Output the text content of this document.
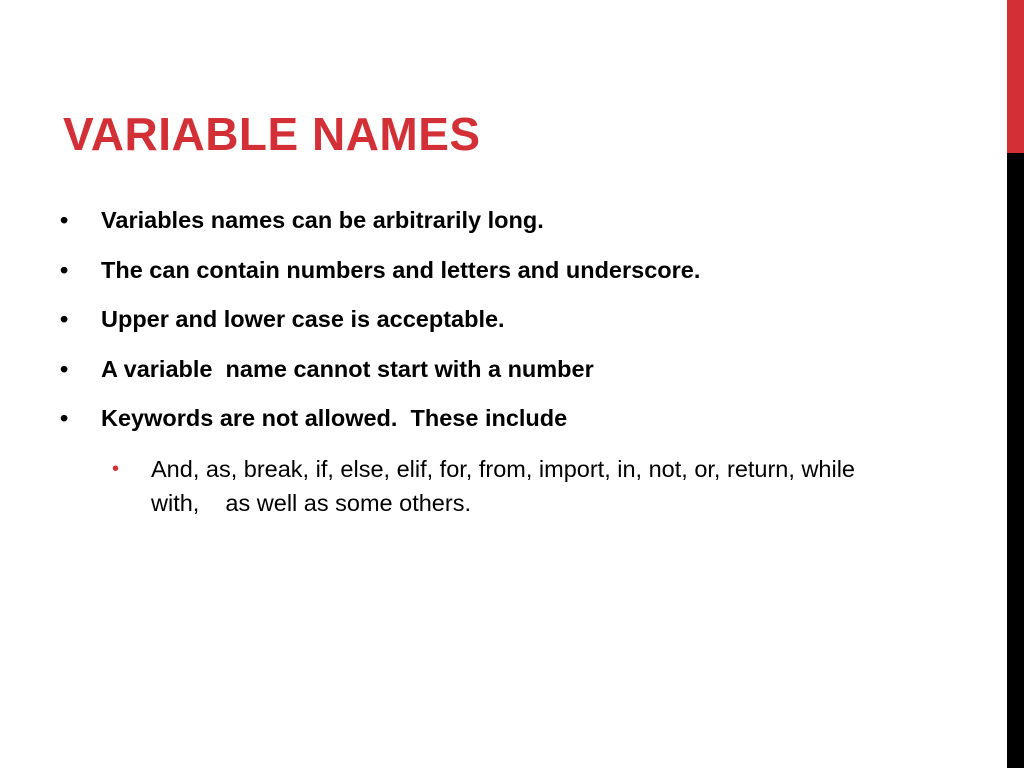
VARIABLE NAMES
•	Variables names can be arbitrarily long.
•	The can contain numbers and letters and underscore.
•	Upper and lower case is acceptable.
•	A variable  name cannot start with a number
•	Keywords are not allowed.  These include
• And, as, break, if, else, elif, for, from, import, in, not, or, return, while with,    as well as some others.
